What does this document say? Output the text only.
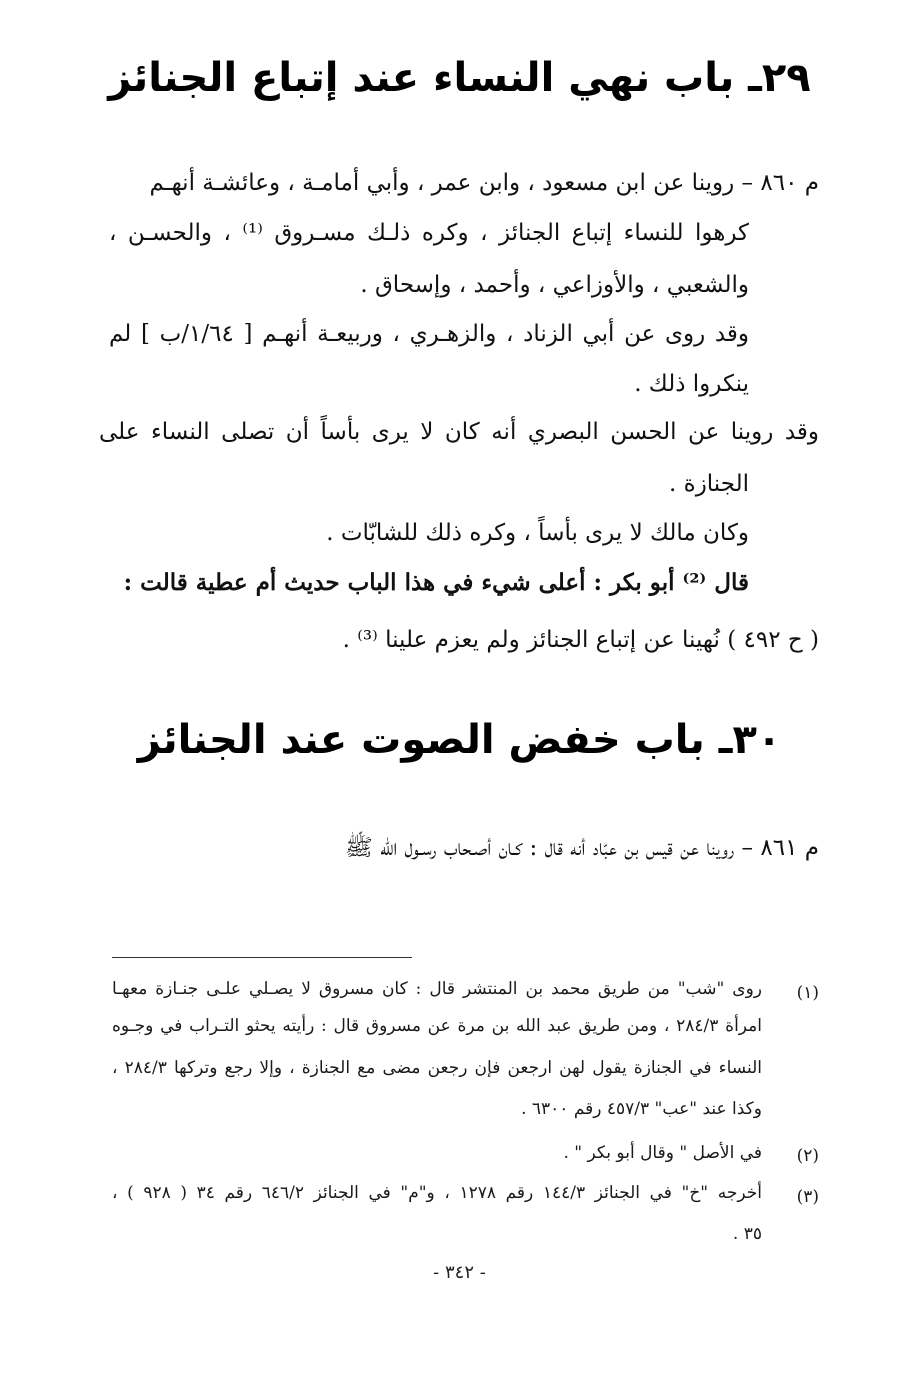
٢٩ـ باب نهي النساء عند إتباع الجنائز
م ٨٦٠ – روينا عن ابن مسعود ، وابن عمر ، وأبي أمامـة ، وعائشـة أنهـم
كرهوا للنساء إتباع الجنائز ، وكره ذلـك مسـروق ⁽¹⁾ ، والحسـن ،
والشعبي ، والأوزاعي ، وأحمد ، وإسحاق .
وقد روى عن أبي الزناد ، والزهـري ، وربيعـة أنهـم [ ١/٦٤/ب ] لم
ينكروا ذلك .
وقد روينا عن الحسن البصري أنه كان لا يرى بأساً أن تصلى النساء على
الجنازة .
وكان مالك لا يرى بأساً ، وكره ذلك للشابّات .
قال ⁽²⁾ أبو بكر : أعلى شيء في هذا الباب حديث أم عطية قالت :
( ح ٤٩٢ ) نُهينا عن إتباع الجنائز ولم يعزم علينا ⁽³⁾ .
٣٠ـ باب خفض الصوت عند الجنائز
م ٨٦١ – روينا عن قيس بن عبّاد أنه قال : كـان أصـحاب رسـول الله ﷺ
(١)
روى "شب" من طريق محمد بن المنتشر قال : كان مسروق لا يصـلي علـى جنـازة معهـا
امرأة ٢٨٤/٣ ، ومن طريق عبد الله بن مرة عن مسروق قال : رأيته يحثو التـراب في وجـوه
النساء في الجنازة يقول لهن ارجعن فإن رجعن مضى مع الجنازة ، وإلا رجع وتركها ٢٨٤/٣ ،
وكذا عند "عب" ٤٥٧/٣ رقم ٦٣٠٠ .
(٢)
في الأصل " وقال أبو بكر " .
(٣)
أخرجه "خ" في الجنائز ١٤٤/٣ رقم ١٢٧٨ ، و"م" في الجنائز ٦٤٦/٢ رقم ٣٤ ( ٩٢٨ ) ،
٣٥ .
- ٣٤٢ -
